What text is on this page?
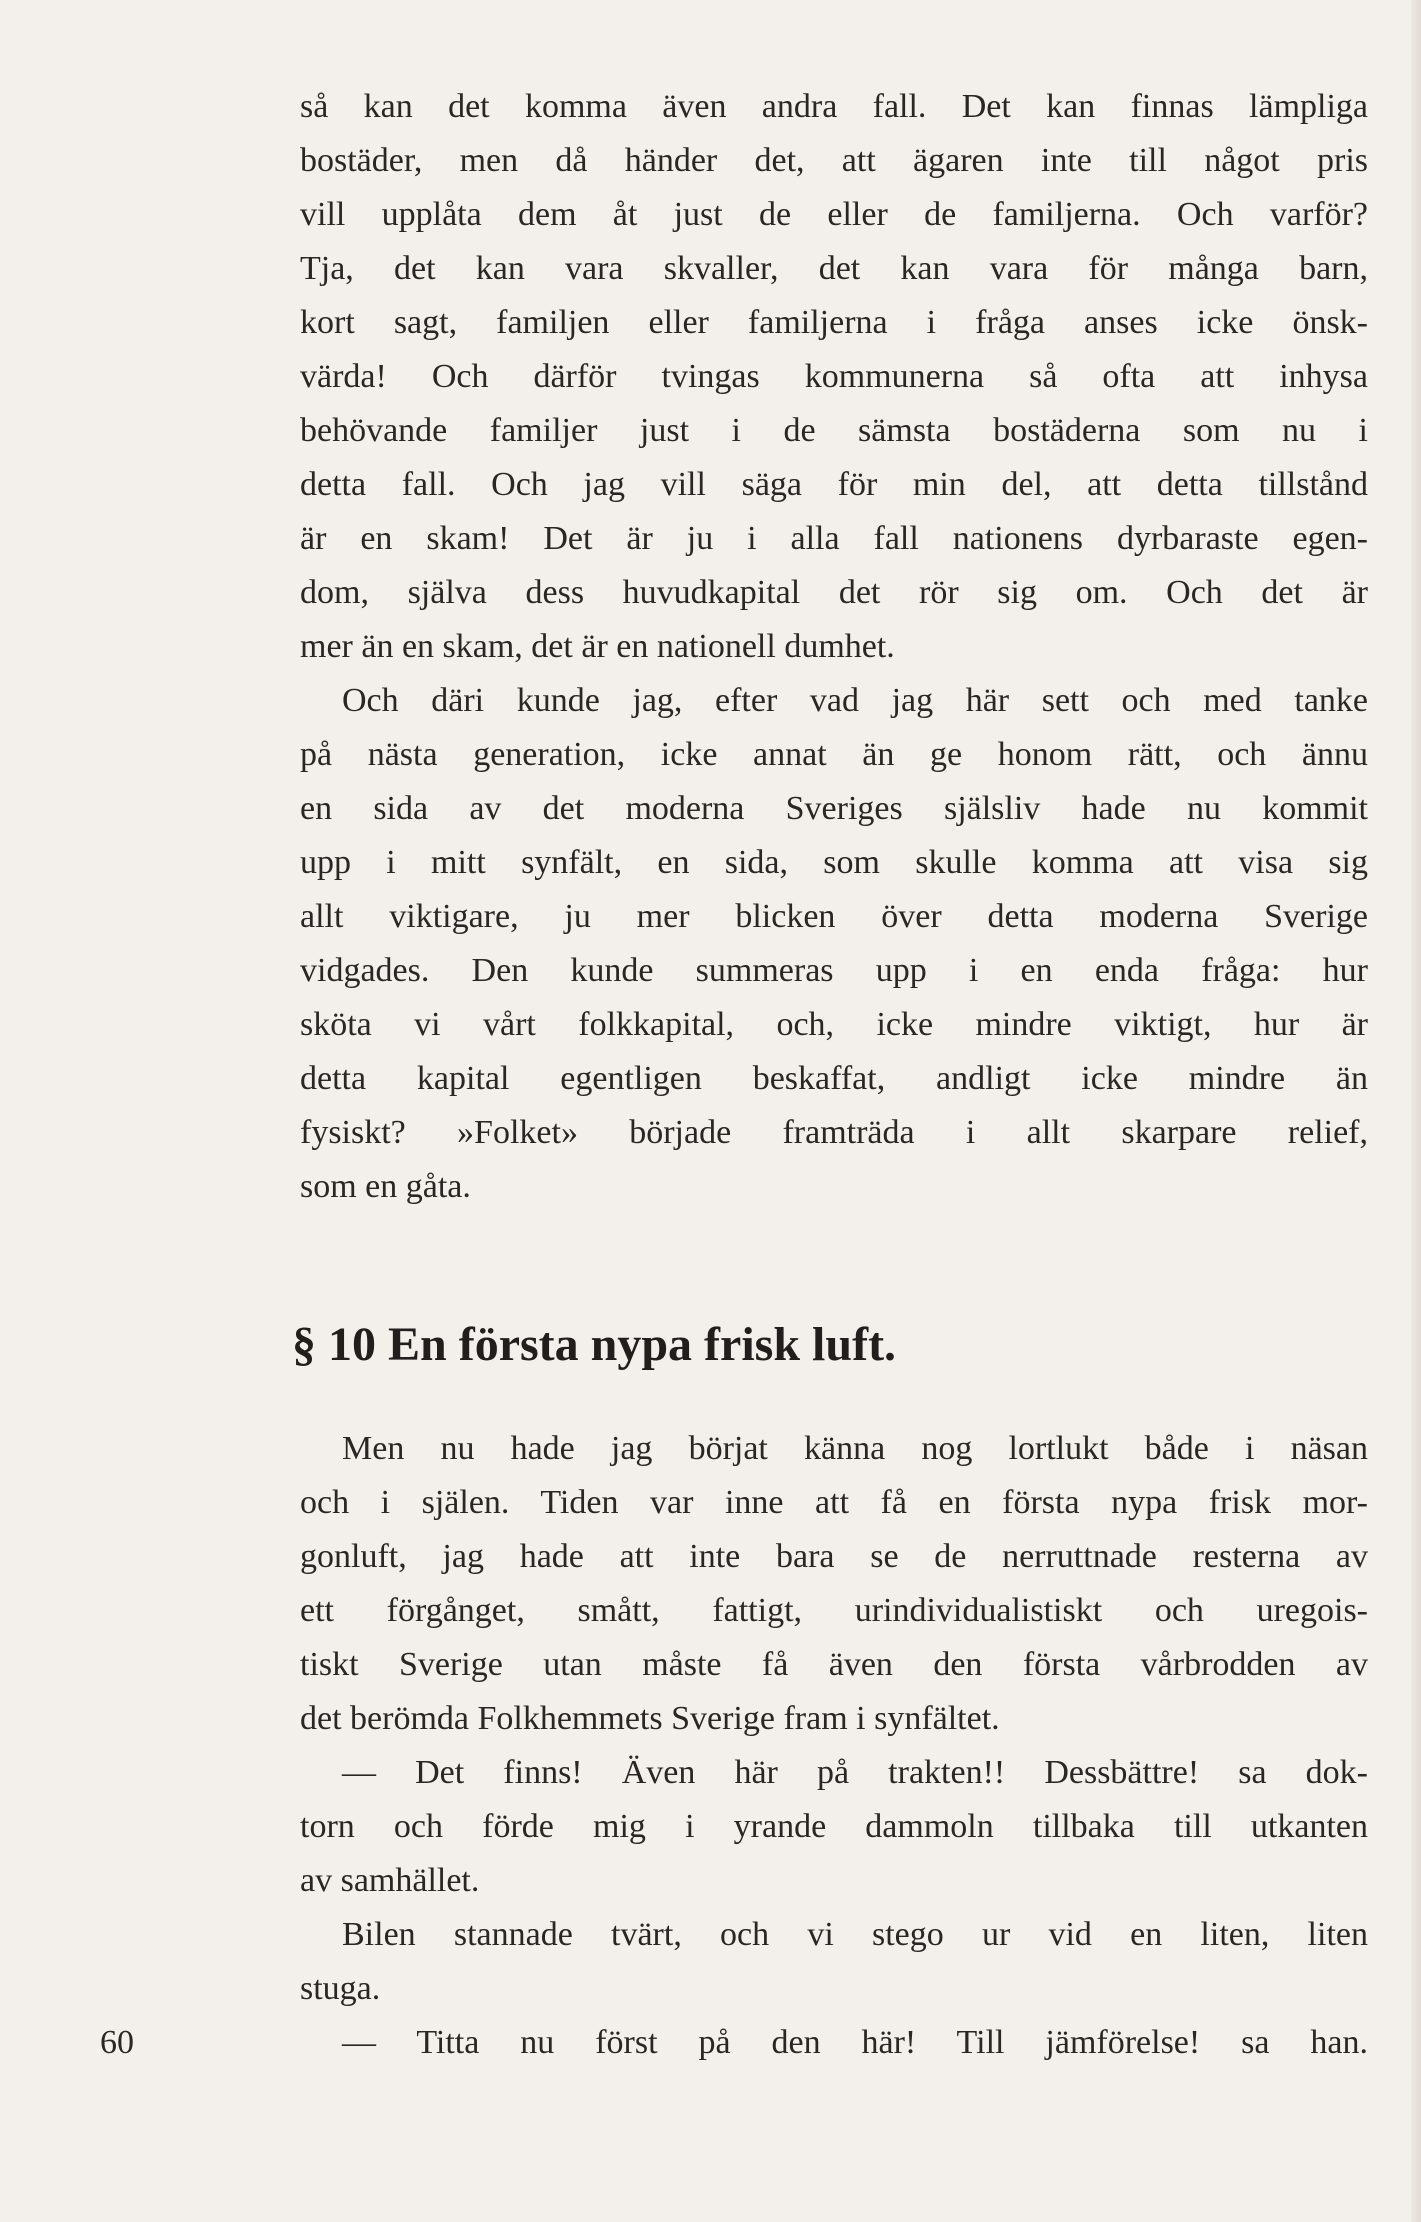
så kan det komma även andra fall. Det kan finnas lämpliga
bostäder, men då händer det, att ägaren inte till något pris
vill upplåta dem åt just de eller de familjerna. Och varför?
Tja, det kan vara skvaller, det kan vara för många barn,
kort sagt, familjen eller familjerna i fråga anses icke önsk-
värda! Och därför tvingas kommunerna så ofta att inhysa
behövande familjer just i de sämsta bostäderna som nu i
detta fall. Och jag vill säga för min del, att detta tillstånd
är en skam! Det är ju i alla fall nationens dyrbaraste egen-
dom, själva dess huvudkapital det rör sig om. Och det är
mer än en skam, det är en nationell dumhet.
Och däri kunde jag, efter vad jag här sett och med tanke
på nästa generation, icke annat än ge honom rätt, och ännu
en sida av det moderna Sveriges själsliv hade nu kommit
upp i mitt synfält, en sida, som skulle komma att visa sig
allt viktigare, ju mer blicken över detta moderna Sverige
vidgades. Den kunde summeras upp i en enda fråga: hur
sköta vi vårt folkkapital, och, icke mindre viktigt, hur är
detta kapital egentligen beskaffat, andligt icke mindre än
fysiskt? »Folket» började framträda i allt skarpare relief,
som en gåta.
§ 10 En första nypa frisk luft.
Men nu hade jag börjat känna nog lortlukt både i näsan
och i själen. Tiden var inne att få en första nypa frisk mor-
gonluft, jag hade att inte bara se de nerruttnade resterna av
ett förgånget, smått, fattigt, urindividualistiskt och uregois-
tiskt Sverige utan måste få även den första vårbrodden av
det berömda Folkhemmets Sverige fram i synfältet.
— Det finns! Även här på trakten!! Dessbättre! sa dok-
torn och förde mig i yrande dammoln tillbaka till utkanten
av samhället.
Bilen stannade tvärt, och vi stego ur vid en liten, liten
stuga.
— Titta nu först på den här! Till jämförelse! sa han.
60
